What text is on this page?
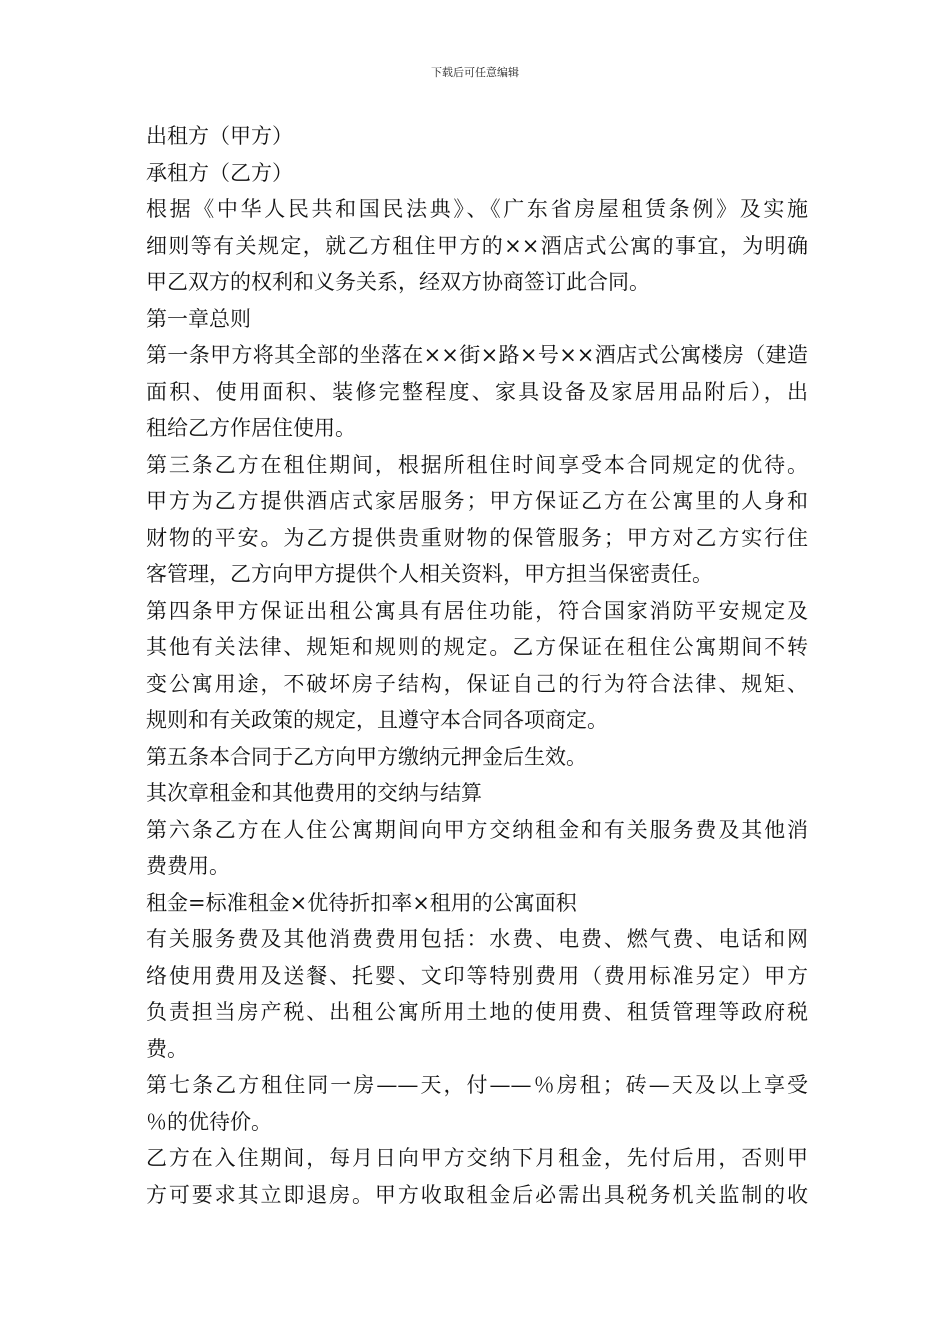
下载后可任意编辑
出租方（甲方）
承租方（乙方）
根据《中华人民共和国民法典》、《广东省房屋租赁条例》及实施
细则等有关规定，就乙方租住甲方的××酒店式公寓的事宜，为明确
甲乙双方的权利和义务关系，经双方协商签订此合同。
第一章总则
第一条甲方将其全部的坐落在××街×路×号××酒店式公寓楼房（建造
面积、使用面积、装修完整程度、家具设备及家居用品附后），出
租给乙方作居住使用。
第三条乙方在租住期间，根据所租住时间享受本合同规定的优待。
甲方为乙方提供酒店式家居服务；甲方保证乙方在公寓里的人身和
财物的平安。为乙方提供贵重财物的保管服务；甲方对乙方实行住
客管理，乙方向甲方提供个人相关资料，甲方担当保密责任。
第四条甲方保证出租公寓具有居住功能，符合国家消防平安规定及
其他有关法律、规矩和规则的规定。乙方保证在租住公寓期间不转
变公寓用途，不破坏房子结构，保证自己的行为符合法律、规矩、
规则和有关政策的规定，且遵守本合同各项商定。
第五条本合同于乙方向甲方缴纳元押金后生效。
其次章租金和其他费用的交纳与结算
第六条乙方在人住公寓期间向甲方交纳租金和有关服务费及其他消
费费用。
租金=标准租金×优待折扣率×租用的公寓面积
有关服务费及其他消费费用包括：水费、电费、燃气费、电话和网
络使用费用及送餐、托婴、文印等特别费用（费用标准另定）甲方
负责担当房产税、出租公寓所用土地的使用费、租赁管理等政府税
费。
第七条乙方租住同一房——天，付——％房租；砖—天及以上享受
％的优待价。
乙方在入住期间，每月日向甲方交纳下月租金，先付后用，否则甲
方可要求其立即退房。甲方收取租金后必需出具税务机关监制的收
